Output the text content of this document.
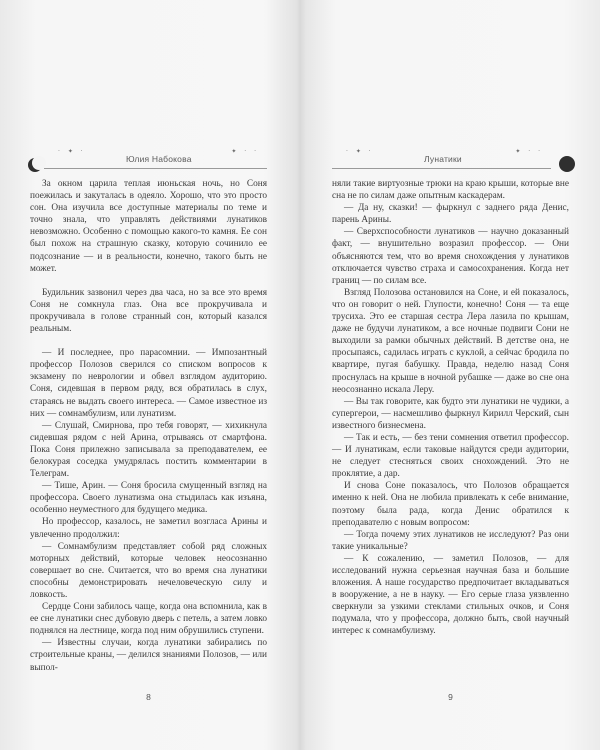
· ✦ ·
Юлия Набокова
✦ · ·

За окном царила теплая июньская ночь, но Соня поежилась и закуталась в одеяло. Хорошо, что это просто сон. Она изучила все доступные материалы по теме и точно знала, что управлять действиями лунатиков невозможно. Особенно с помощью какого-то камня. Ее сон был похож на страшную сказку, которую сочинило ее подсознание — и в реальности, конечно, такого быть не может.

Будильник зазвонил через два часа, но за все это время Соня не сомкнула глаз. Она все прокручивала и прокручивала в голове странный сон, который казался реальным.

— И последнее, про парасомнии. — Импозантный профессор Полозов сверился со списком вопросов к экзамену по неврологии и обвел взглядом аудиторию. Соня, сидевшая в первом ряду, вся обратилась в слух, стараясь не выдать своего интереса. — Самое известное из них — сомнамбулизм, или лунатизм.

— Слушай, Смирнова, про тебя говорят, — хихикнула сидевшая рядом с ней Арина, отрываясь от смартфона. Пока Соня прилежно записывала за преподавателем, ее белокурая соседка умудрялась постить комментарии в Телеграм.

— Тише, Арин. — Соня бросила смущенный взгляд на профессора. Своего лунатизма она стыдилась как изъяна, особенно неуместного для будущего медика.

Но профессор, казалось, не заметил возгласа Арины и увлеченно продолжил:

— Сомнамбулизм представляет собой ряд сложных моторных действий, которые человек неосознанно совершает во сне. Считается, что во время сна лунатики способны демонстрировать нечеловеческую силу и ловкость.

Сердце Сони забилось чаще, когда она вспомнила, как в ее сне лунатики снес дубовую дверь с петель, а затем ловко поднялся на лестнице, когда под ним обрушились ступени.

— Известны случаи, когда лунатики забирались по строительные краны, — делился знаниями Полозов, — или выпол-

8
· ✦ ·
Лунатики
✦ · ·

няли такие виртуозные трюки на краю крыши, которые вне сна не по силам даже опытным каскадерам.

— Да ну, сказки! — фыркнул с заднего ряда Денис, парень Арины.

— Сверхспособности лунатиков — научно доказанный факт, — внушительно возразил профессор. — Они объясняются тем, что во время снохождения у лунатиков отключается чувство страха и самосохранения. Когда нет границ — по силам все.

Взгляд Полозова остановился на Соне, и ей показалось, что он говорит о ней. Глупости, конечно! Соня — та еще трусиха. Это ее старшая сестра Лера лазила по крышам, даже не будучи лунатиком, а все ночные подвиги Сони не выходили за рамки обычных действий. В детстве она, не просыпаясь, садилась играть с куклой, а сейчас бродила по квартире, пугая бабушку. Правда, неделю назад Соня проснулась на крыше в ночной рубашке — даже во сне она неосознанно искала Леру.

— Вы так говорите, как будто эти лунатики не чудики, а супергерои, — насмешливо фыркнул Кирилл Черский, сын известного бизнесмена.

— Так и есть, — без тени сомнения ответил профессор. — И лунатикам, если таковые найдутся среди аудитории, не следует стесняться своих снохождений. Это не проклятие, а дар.

И снова Соне показалось, что Полозов обращается именно к ней. Она не любила привлекать к себе внимание, поэтому была рада, когда Денис обратился к преподавателю с новым вопросом:

— Тогда почему этих лунатиков не исследуют? Раз они такие уникальные?

— К сожалению, — заметил Полозов, — для исследований нужна серьезная научная база и большие вложения. А наше государство предпочитает вкладываться в вооружение, а не в науку. — Его серые глаза уязвленно сверкнули за узкими стеклами стильных очков, и Соня подумала, что у профессора, должно быть, свой научный интерес к сомнамбулизму.

9
